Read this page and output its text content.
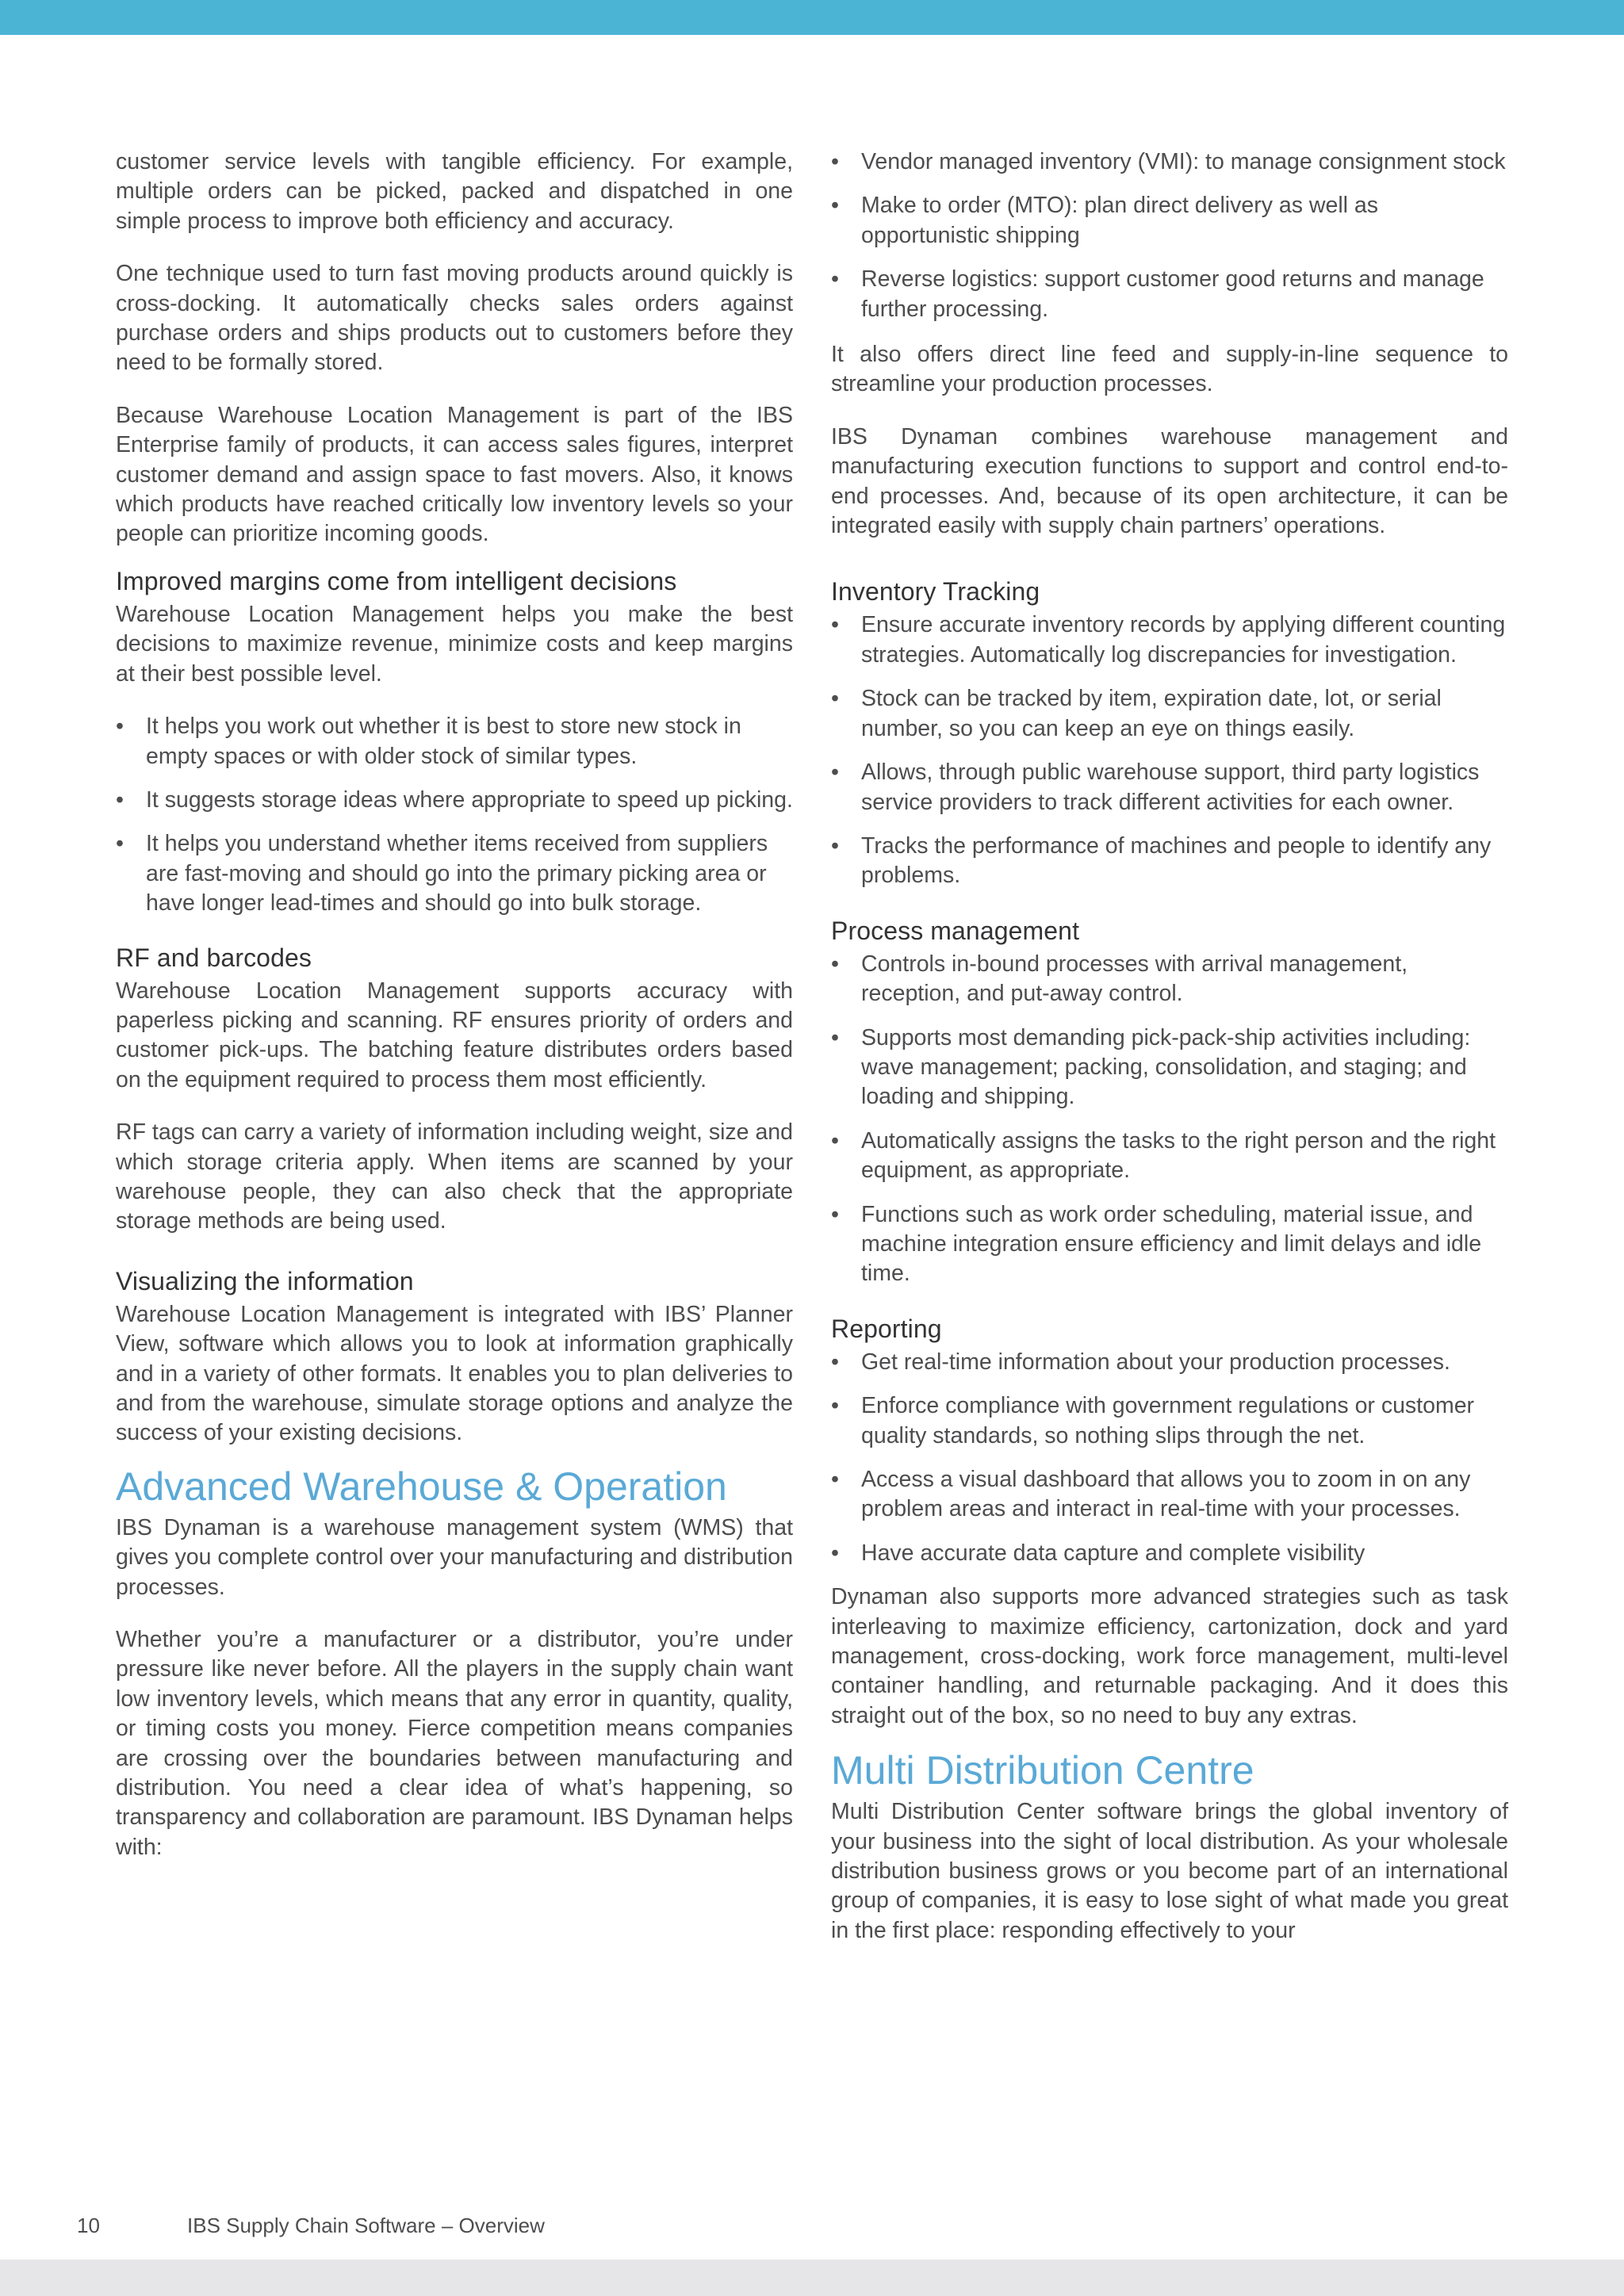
customer service levels with tangible efficiency. For example, multiple orders can be picked, packed and dispatched in one simple process to improve both efficiency and accuracy.

One technique used to turn fast moving products around quickly is cross-docking. It automatically checks sales orders against purchase orders and ships products out to customers before they need to be formally stored.

Because Warehouse Location Management is part of the IBS Enterprise family of products, it can access sales figures, interpret customer demand and assign space to fast movers. Also, it knows which products have reached critically low inventory levels so your people can prioritize incoming goods.

Improved margins come from intelligent decisions

Warehouse Location Management helps you make the best decisions to maximize revenue, minimize costs and keep margins at their best possible level.

• It helps you work out whether it is best to store new stock in empty spaces or with older stock of similar types.
• It suggests storage ideas where appropriate to speed up picking.
• It helps you understand whether items received from suppliers are fast-moving and should go into the primary picking area or have longer lead-times and should go into bulk storage.
RF and barcodes

Warehouse Location Management supports accuracy with paperless picking and scanning. RF ensures priority of orders and customer pick-ups. The batching feature distributes orders based on the equipment required to process them most efficiently.

RF tags can carry a variety of information including weight, size and which storage criteria apply. When items are scanned by your warehouse people, they can also check that the appropriate storage methods are being used.

Visualizing the information

Warehouse Location Management is integrated with IBS’ Planner View, software which allows you to look at information graphically and in a variety of other formats. It enables you to plan deliveries to and from the warehouse, simulate storage options and analyze the success of your existing decisions.

Advanced Warehouse & Operation

IBS Dynaman is a warehouse management system (WMS) that gives you complete control over your manufacturing and distribution processes.

Whether you’re a manufacturer or a distributor, you’re under pressure like never before. All the players in the supply chain want low inventory levels, which means that any error in quantity, quality, or timing costs you money. Fierce competition means companies are crossing over the boundaries between manufacturing and distribution. You need a clear idea of what’s happening, so transparency and collaboration are paramount. IBS Dynaman helps with:

• Vendor managed inventory (VMI): to manage consignment stock
• Make to order (MTO): plan direct delivery as well as opportunistic shipping
• Reverse logistics: support customer good returns and manage further processing.

It also offers direct line feed and supply-in-line sequence to streamline your production processes.

IBS Dynaman combines warehouse management and manufacturing execution functions to support and control end-to-end processes. And, because of its open architecture, it can be integrated easily with supply chain partners’ operations.

Inventory Tracking
• Ensure accurate inventory records by applying different counting strategies. Automatically log discrepancies for investigation.
• Stock can be tracked by item, expiration date, lot, or serial number, so you can keep an eye on things easily.
• Allows, through public warehouse support, third party logistics service providers to track different activities for each owner.
• Tracks the performance of machines and people to identify any problems.
Process management
• Controls in-bound processes with arrival management, reception, and put-away control.
• Supports most demanding pick-pack-ship activities including: wave management; packing, consolidation, and staging; and loading and shipping.
• Automatically assigns the tasks to the right person and the right equipment, as appropriate.
• Functions such as work order scheduling, material issue, and machine integration ensure efficiency and limit delays and idle time.
Reporting
• Get real-time information about your production processes.
• Enforce compliance with government regulations or customer quality standards, so nothing slips through the net.
• Access a visual dashboard that allows you to zoom in on any problem areas and interact in real-time with your processes.
• Have accurate data capture and complete visibility

Dynaman also supports more advanced strategies such as task interleaving to maximize efficiency, cartonization, dock and yard management, cross-docking, work force management, multi-level container handling, and returnable packaging. And it does this straight out of the box, so no need to buy any extras.

Multi Distribution Centre

Multi Distribution Center software brings the global inventory of your business into the sight of local distribution. As your wholesale distribution business grows or you become part of an international group of companies, it is easy to lose sight of what made you great in the first place: responding effectively to your

10	IBS Supply Chain Software – Overview
